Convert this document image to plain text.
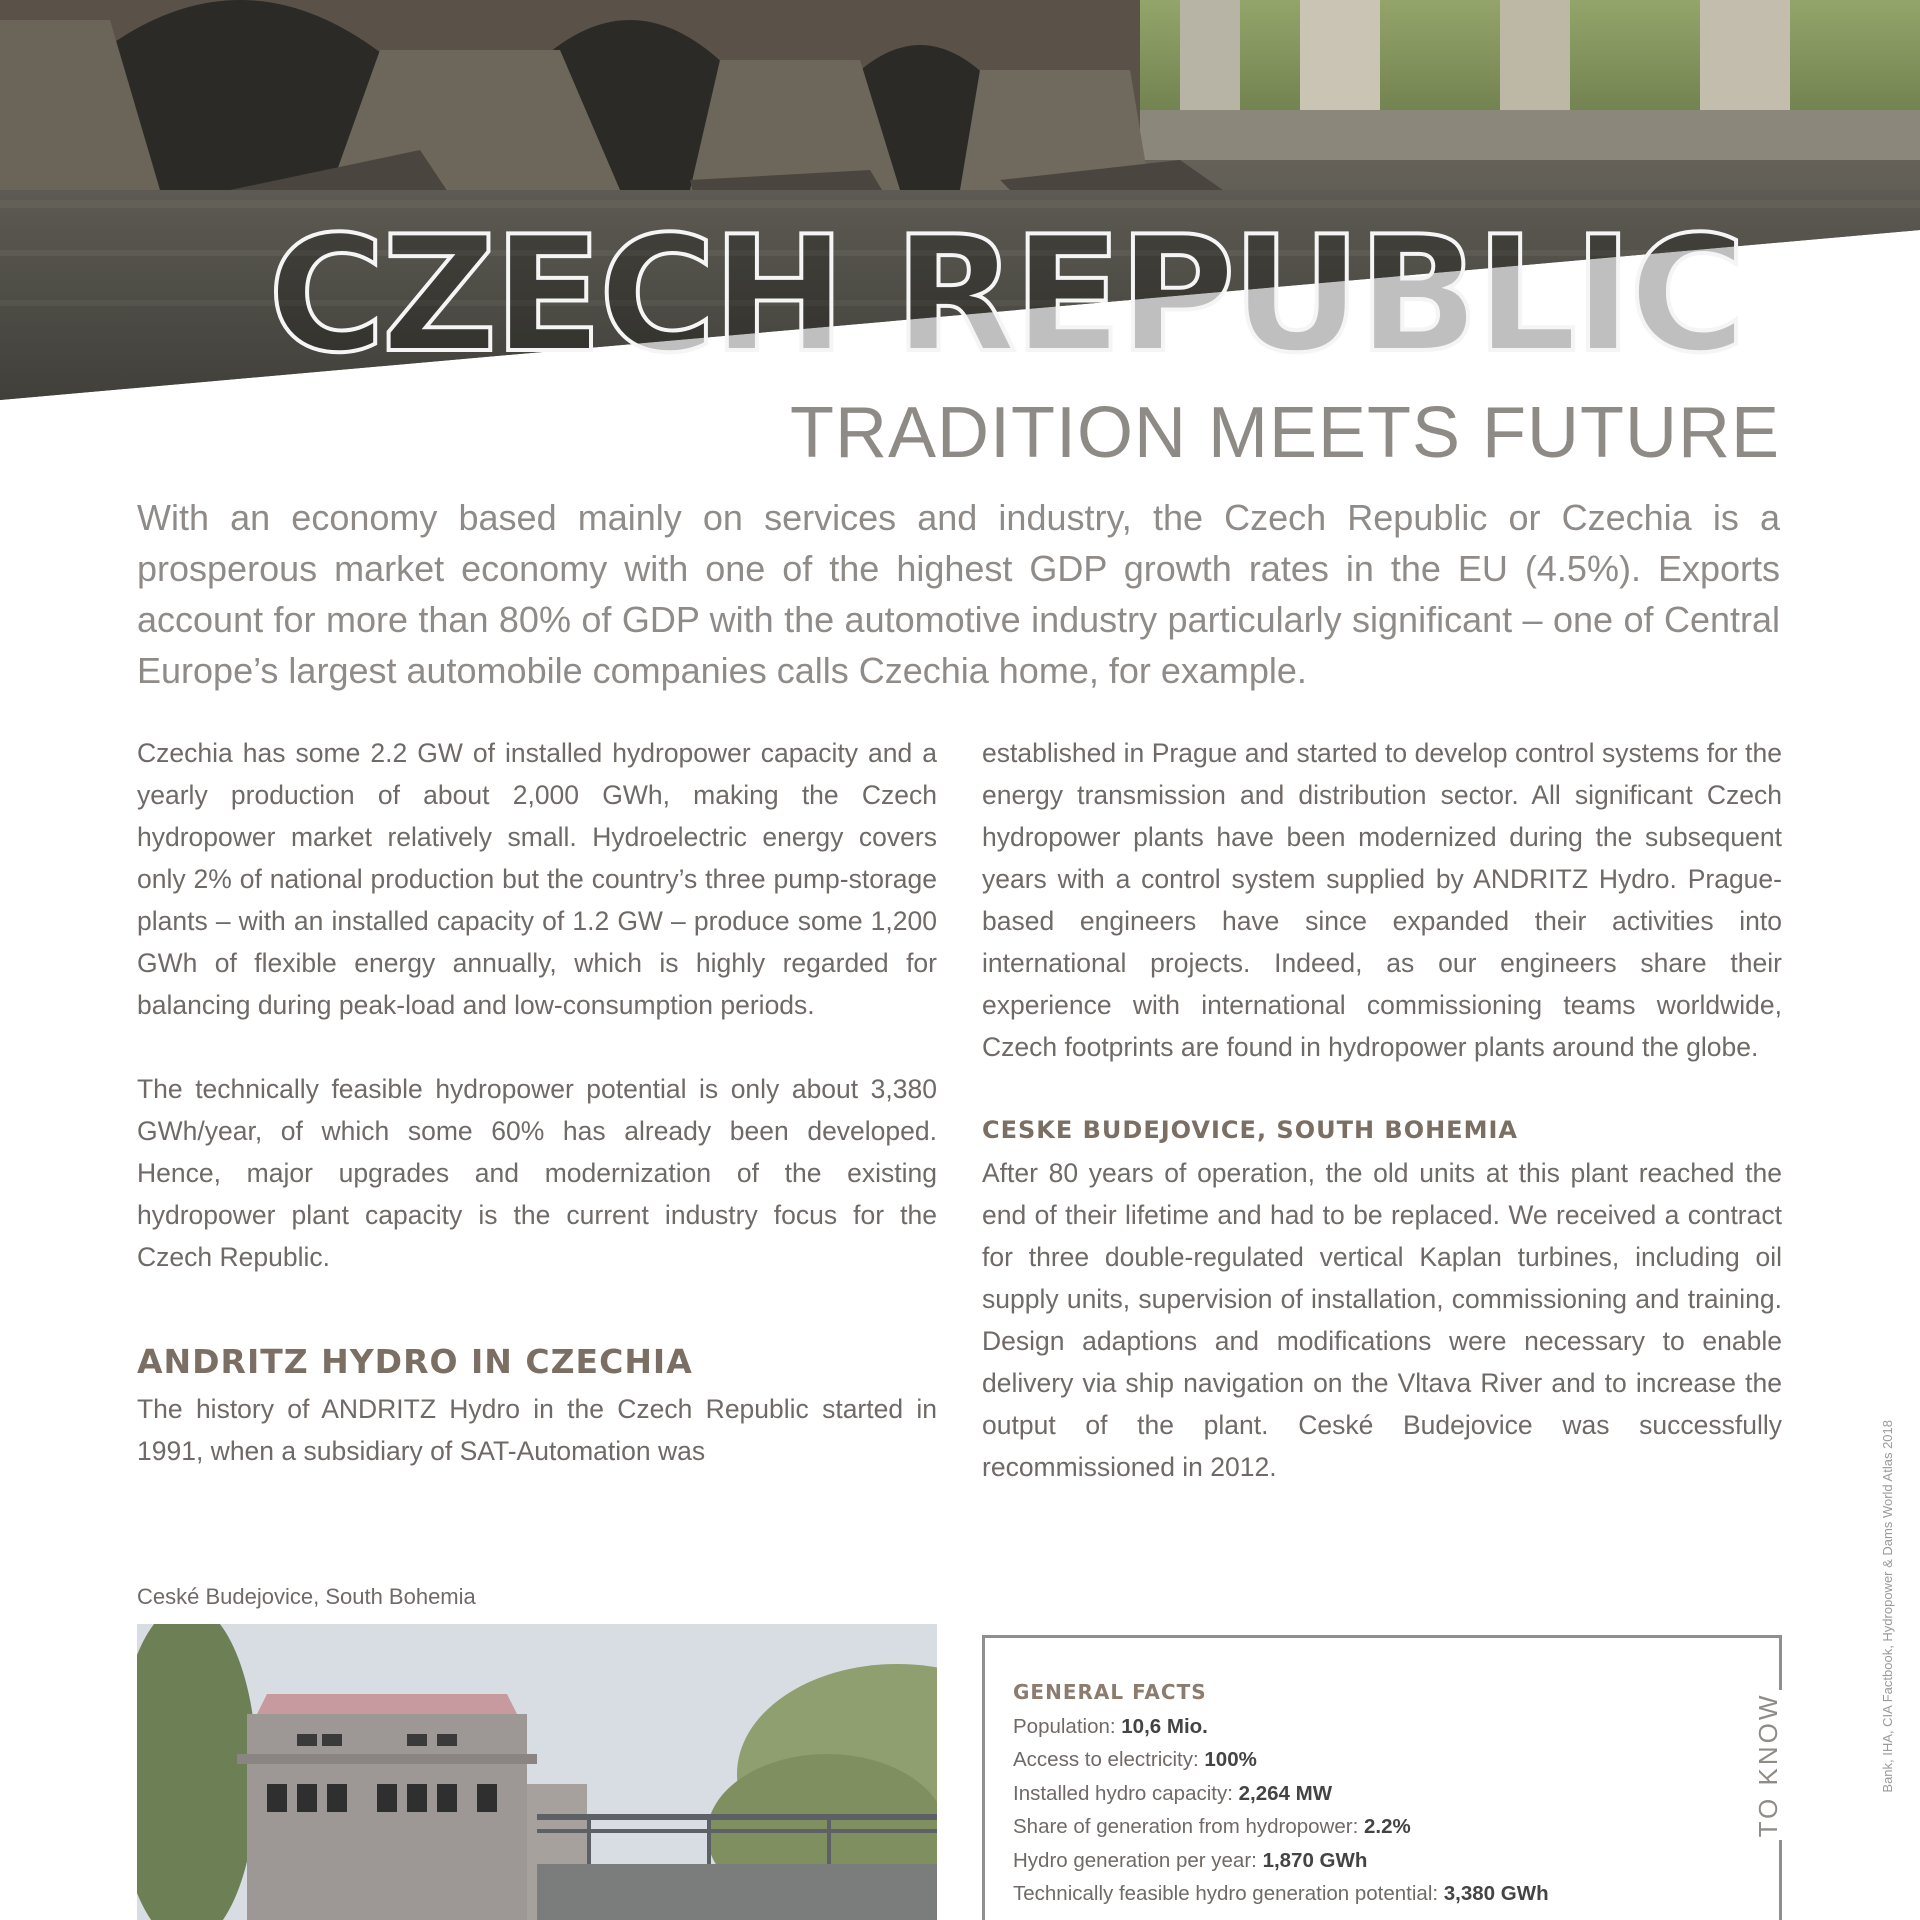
CZECH REPUBLIC
TRADITION MEETS FUTURE

With an economy based mainly on services and industry, the Czech Republic or Czechia is a prosperous market economy with one of the highest GDP growth rates in the EU (4.5%). Exports account for more than 80% of GDP with the automotive industry particularly significant – one of Central Europe’s largest automobile companies calls Czechia home, for example.

Czechia has some 2.2 GW of installed hydropower capacity and a yearly production of about 2,000 GWh, making the Czech hydropower market relatively small. Hydroelectric energy covers only 2% of national production but the country’s three pump-storage plants – with an installed capacity of 1.2 GW – produce some 1,200 GWh of flexible energy annually, which is highly regarded for balancing during peak-load and low-consumption periods.

The technically feasible hydropower potential is only about 3,380 GWh/year, of which some 60% has already been developed. Hence, major upgrades and modernization of the existing hydropower plant capacity is the current industry focus for the Czech Republic.

ANDRITZ HYDRO IN CZECHIA

The history of ANDRITZ Hydro in the Czech Republic started in 1991, when a subsidiary of SAT-Automation was

established in Prague and started to develop control systems for the energy transmission and distribution sector. All significant Czech hydropower plants have been modernized during the subsequent years with a control system supplied by ANDRITZ Hydro. Prague-based engineers have since expanded their activities into international projects. Indeed, as our engineers share their experience with international commissioning teams worldwide, Czech footprints are found in hydropower plants around the globe.

CESKE BUDEJOVICE, SOUTH BOHEMIA

After 80 years of operation, the old units at this plant reached the end of their lifetime and had to be replaced. We received a contract for three double-regulated vertical Kaplan turbines, including oil supply units, supervision of installation, commissioning and training. Design adaptions and modifications were necessary to enable delivery via ship navigation on the Vltava River and to increase the output of the plant. Ceské Budejovice was successfully recommissioned in 2012.

Ceské Budejovice, South Bohemia
GENERAL FACTS
Population: 10,6 Mio.
Access to electricity: 100%
Installed hydro capacity: 2,264 MW
Share of generation from hydropower: 2.2%
Hydro generation per year: 1,870 GWh
Technically feasible hydro generation potential: 3,380 GWh
TO KNOW	Bank, IHA, CIA Factbook, Hydropower & Dams World Atlas 2018
